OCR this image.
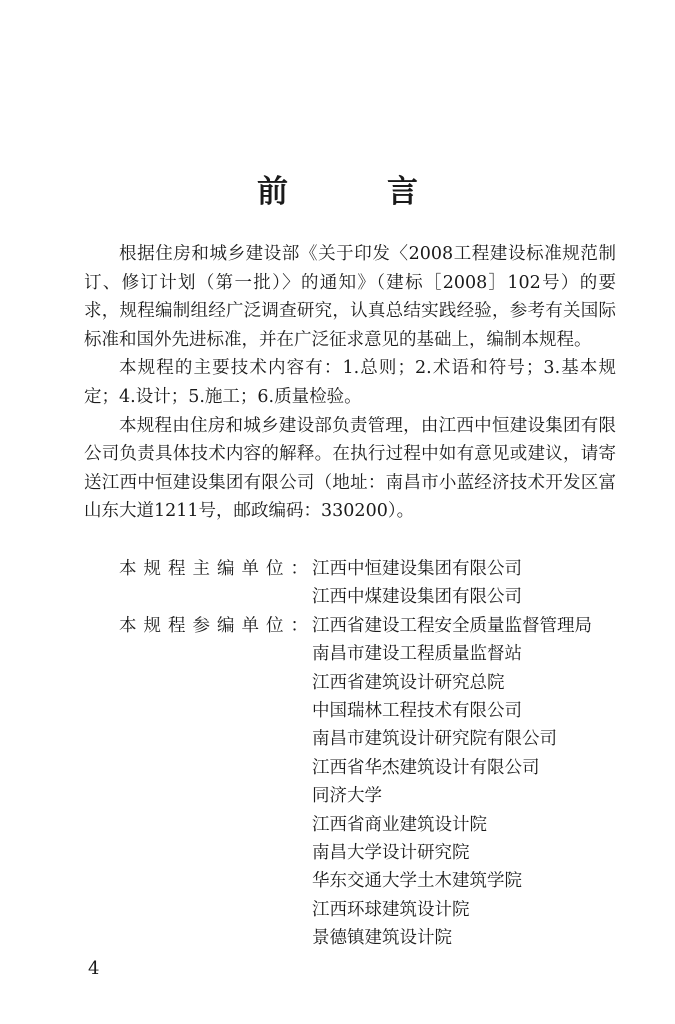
前　言

根据住房和城乡建设部《关于印发〈2008工程建设标准规范制订、修订计划（第一批）〉的通知》（建标［2008］102号）的要求，规程编制组经广泛调查研究，认真总结实践经验，参考有关国际标准和国外先进标准，并在广泛征求意见的基础上，编制本规程。

本规程的主要技术内容有：1.总则；2.术语和符号；3.基本规定；4.设计；5.施工；6.质量检验。

本规程由住房和城乡建设部负责管理，由江西中恒建设集团有限公司负责具体技术内容的解释。在执行过程中如有意见或建议，请寄送江西中恒建设集团有限公司（地址：南昌市小蓝经济技术开发区富山东大道1211号，邮政编码：330200）。

本规程主编单位：
江西中恒建设集团有限公司
江西中煤建设集团有限公司
本规程参编单位：
江西省建设工程安全质量监督管理局
南昌市建设工程质量监督站
江西省建筑设计研究总院
中国瑞林工程技术有限公司
南昌市建筑设计研究院有限公司
江西省华杰建筑设计有限公司
同济大学
江西省商业建筑设计院
南昌大学设计研究院
华东交通大学土木建筑学院
江西环球建筑设计院
景德镇建筑设计院
4
